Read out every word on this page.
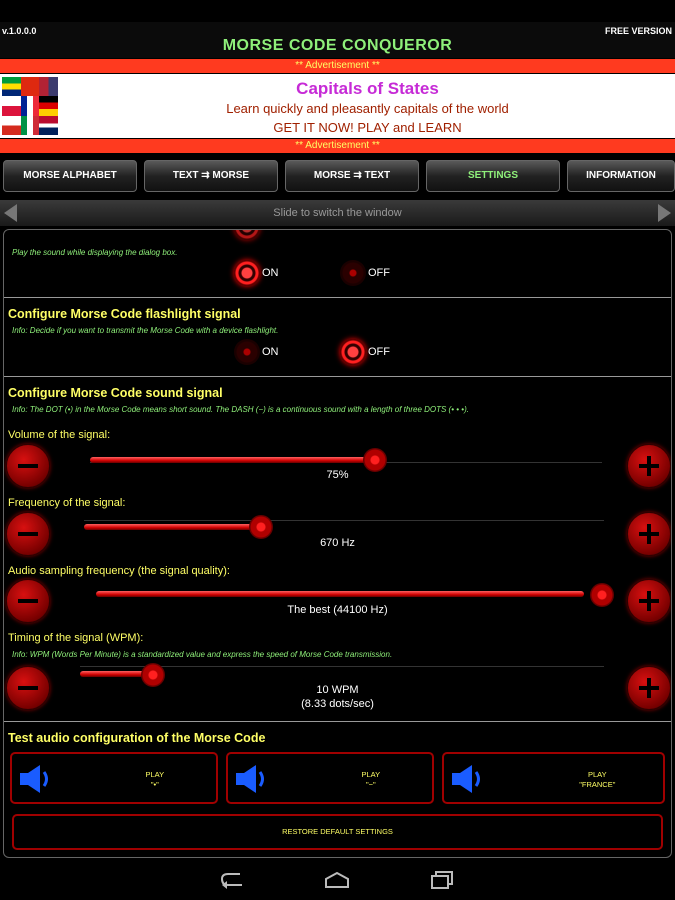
v.1.0.0.0	FREE VERSION
MORSE CODE CONQUEROR
** Advertisement **
Capitals of States
Learn quickly and pleasantly capitals of the world
GET IT NOW! PLAY and LEARN
** Advertisement **
MORSE ALPHABET	TEXT ⇉ MORSE	MORSE ⇉ TEXT	SETTINGS	INFORMATION
Slide to switch the window
Play the sound while displaying the dialog box.
ON	OFF
Configure Morse Code flashlight signal
Info: Decide if you want to transmit the Morse Code with a device flashlight.
ON	OFF
Configure Morse Code sound signal
Info: The DOT (•) in the Morse Code means short sound. The DASH (−) is a continuous sound with a length of three DOTS (• • •).
Volume of the signal:
75%
Frequency of the signal:
670 Hz
Audio sampling frequency (the signal quality):
The best (44100 Hz)
Timing of the signal (WPM):
Info: WPM (Words Per Minute) is a standardized value and express the speed of Morse Code transmission.
10 WPM
(8.33 dots/sec)
Test audio configuration of the Morse Code
PLAY
"•"
PLAY
"−"
PLAY
"FRANCE"
RESTORE DEFAULT SETTINGS
